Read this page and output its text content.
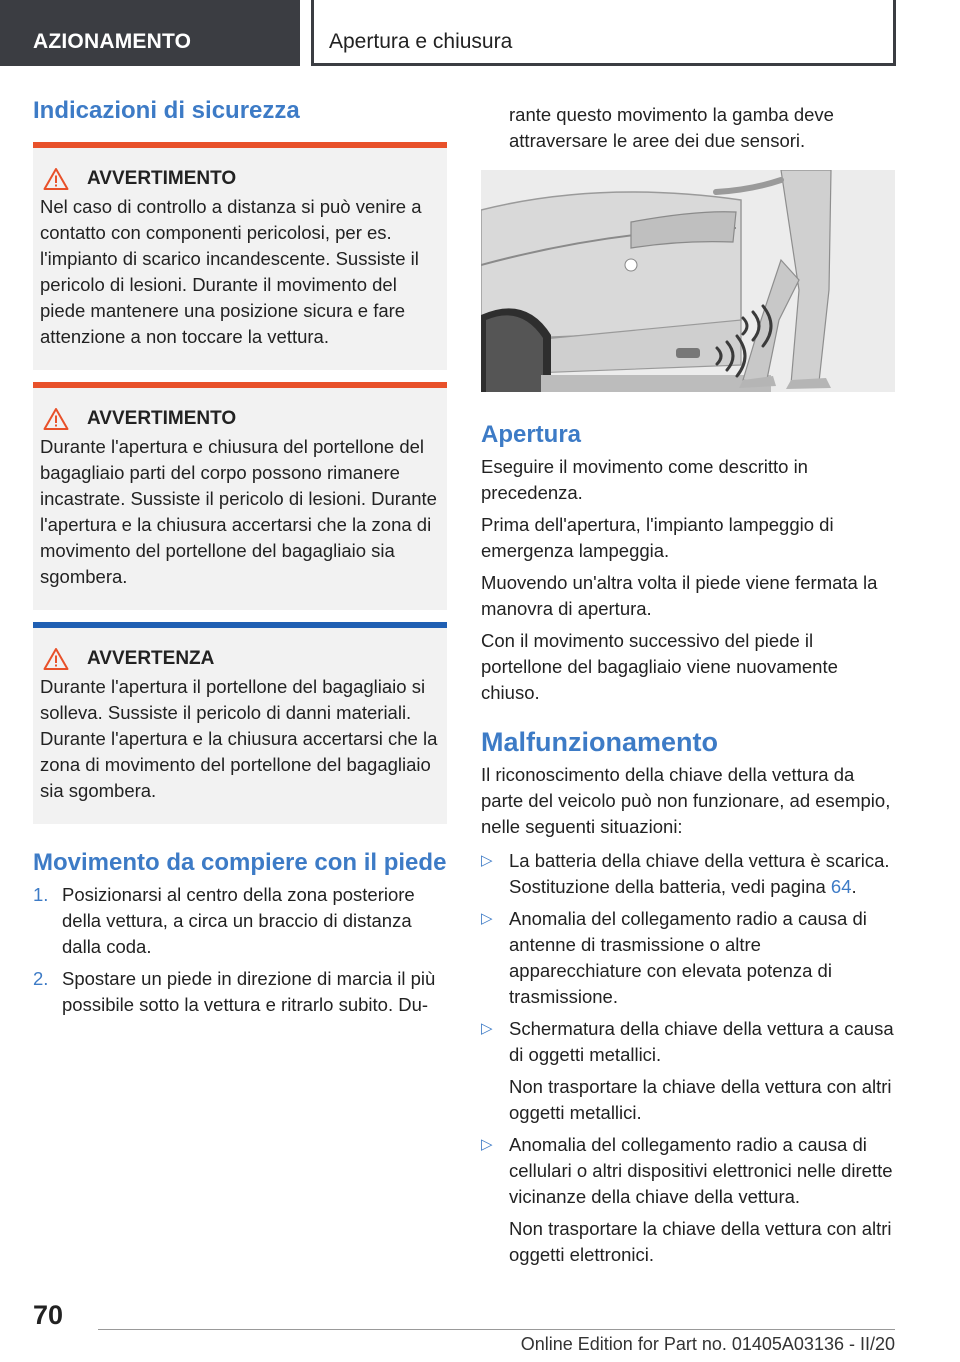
AZIONAMENTO	Apertura e chiusura
Indicazioni di sicurezza
AVVERTIMENTO
Nel caso di controllo a distanza si può venire a contatto con componenti pericolosi, per es. l'impianto di scarico incandescente. Sussiste il pericolo di lesioni. Durante il movimento del piede mantenere una posizione sicura e fare attenzione a non toccare la vettura.
AVVERTIMENTO
Durante l'apertura e chiusura del portellone del bagagliaio parti del corpo possono rimanere incastrate. Sussiste il pericolo di lesioni. Durante l'apertura e la chiusura accertarsi che la zona di movimento del portellone del bagagliaio sia sgombera.
AVVERTENZA
Durante l'apertura il portellone del bagagliaio si solleva. Sussiste il pericolo di danni materiali. Durante l'apertura e la chiusura accertarsi che la zona di movimento del portellone del bagagliaio sia sgombera.
Movimento da compiere con il piede
1. Posizionarsi al centro della zona posteriore della vettura, a circa un braccio di distanza dalla coda.
2. Spostare un piede in direzione di marcia il più possibile sotto la vettura e ritrarlo subito. Du-

rante questo movimento la gamba deve attraversare le aree dei due sensori.

Apertura

Eseguire il movimento come descritto in precedenza.

Prima dell'apertura, l'impianto lampeggio di emergenza lampeggia.

Muovendo un'altra volta il piede viene fermata la manovra di apertura.

Con il movimento successivo del piede il portellone del bagagliaio viene nuovamente chiuso.

Malfunzionamento

Il riconoscimento della chiave della vettura da parte del veicolo può non funzionare, ad esempio, nelle seguenti situazioni:

▷ La batteria della chiave della vettura è scarica. Sostituzione della batteria, vedi pagina 64.
▷ Anomalia del collegamento radio a causa di antenne di trasmissione o altre apparecchiature con elevata potenza di trasmissione.
▷ Schermatura della chiave della vettura a causa di oggetti metallici.
Non trasportare la chiave della vettura con altri oggetti metallici.
▷ Anomalia del collegamento radio a causa di cellulari o altri dispositivi elettronici nelle dirette vicinanze della chiave della vettura.
Non trasportare la chiave della vettura con altri oggetti elettronici.
70
Online Edition for Part no. 01405A03136 - II/20
